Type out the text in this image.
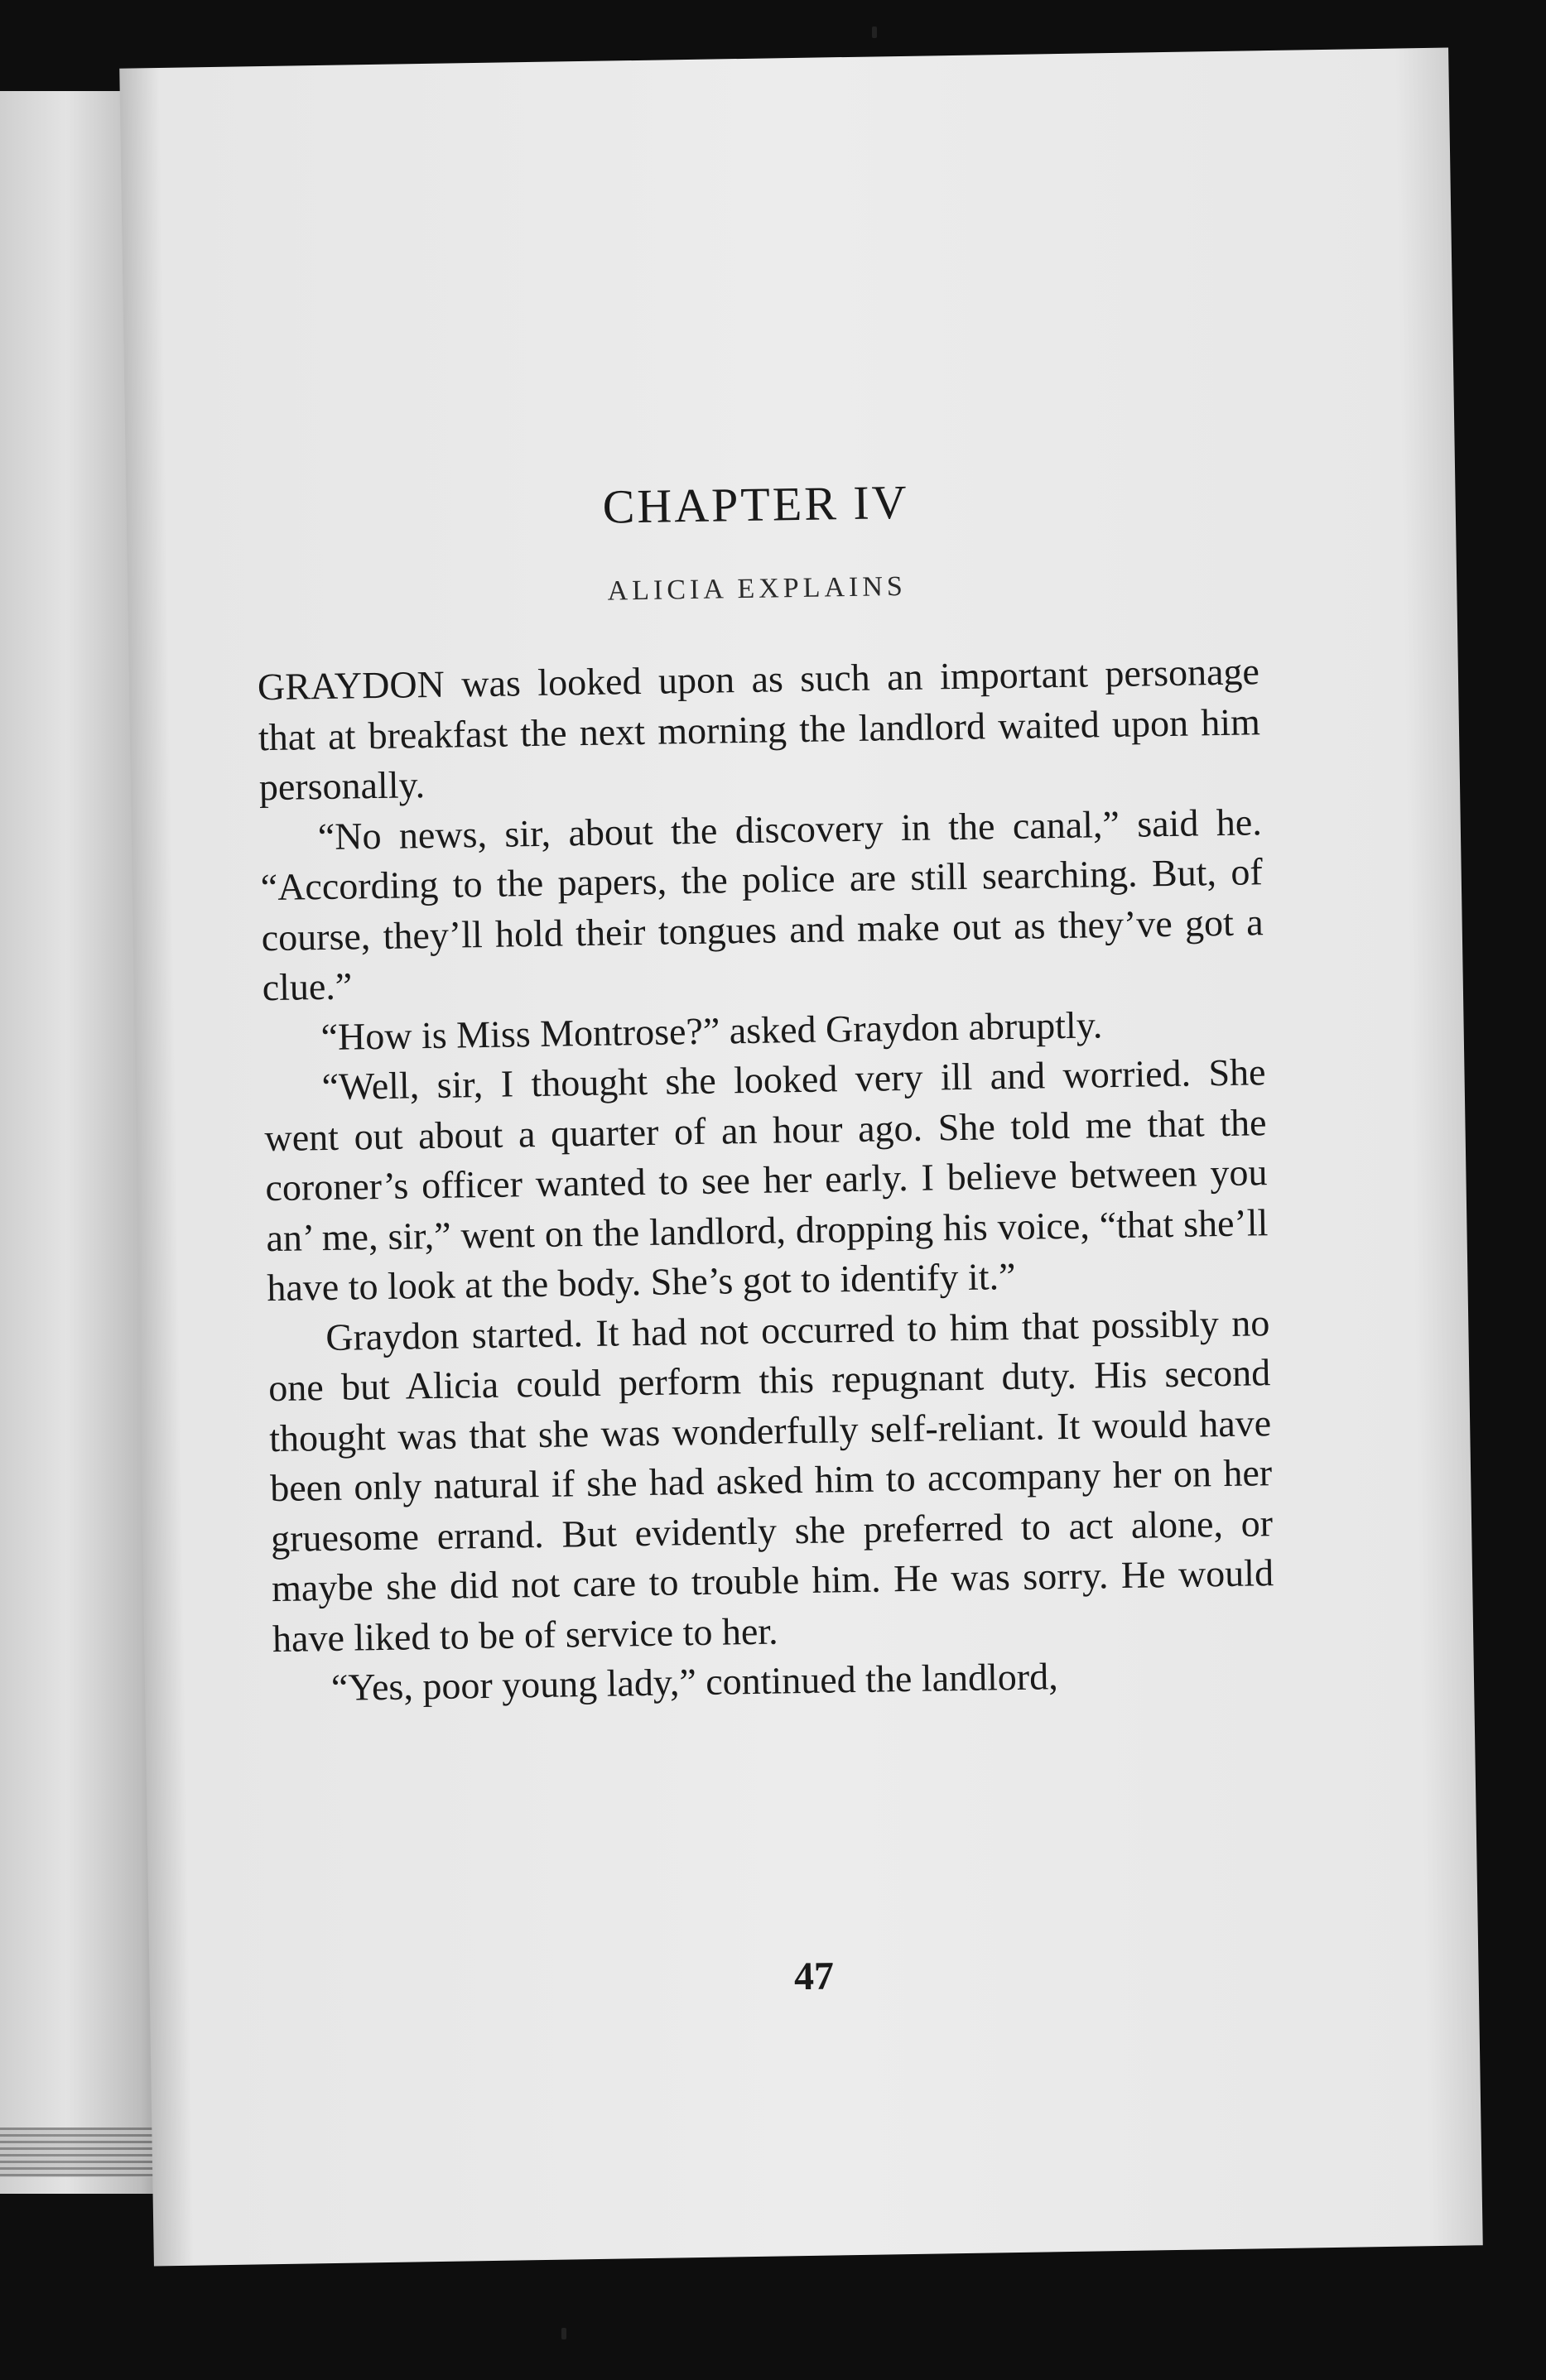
CHAPTER IV
ALICIA EXPLAINS

GRAYDON was looked upon as such an important personage that at breakfast the next morning the landlord waited upon him personally.

“No news, sir, about the discovery in the canal,” said he. “According to the papers, the police are still searching. But, of course, they’ll hold their tongues and make out as they’ve got a clue.”

“How is Miss Montrose?” asked Graydon abruptly.

“Well, sir, I thought she looked very ill and worried. She went out about a quarter of an hour ago. She told me that the coroner’s officer wanted to see her early. I believe between you an’ me, sir,” went on the landlord, dropping his voice, “that she’ll have to look at the body. She’s got to identify it.”

Graydon started. It had not occurred to him that possibly no one but Alicia could perform this repugnant duty. His second thought was that she was wonderfully self-reliant. It would have been only natural if she had asked him to accompany her on her gruesome errand. But evidently she preferred to act alone, or maybe she did not care to trouble him. He was sorry. He would have liked to be of service to her.

“Yes, poor young lady,” continued the landlord,

47
